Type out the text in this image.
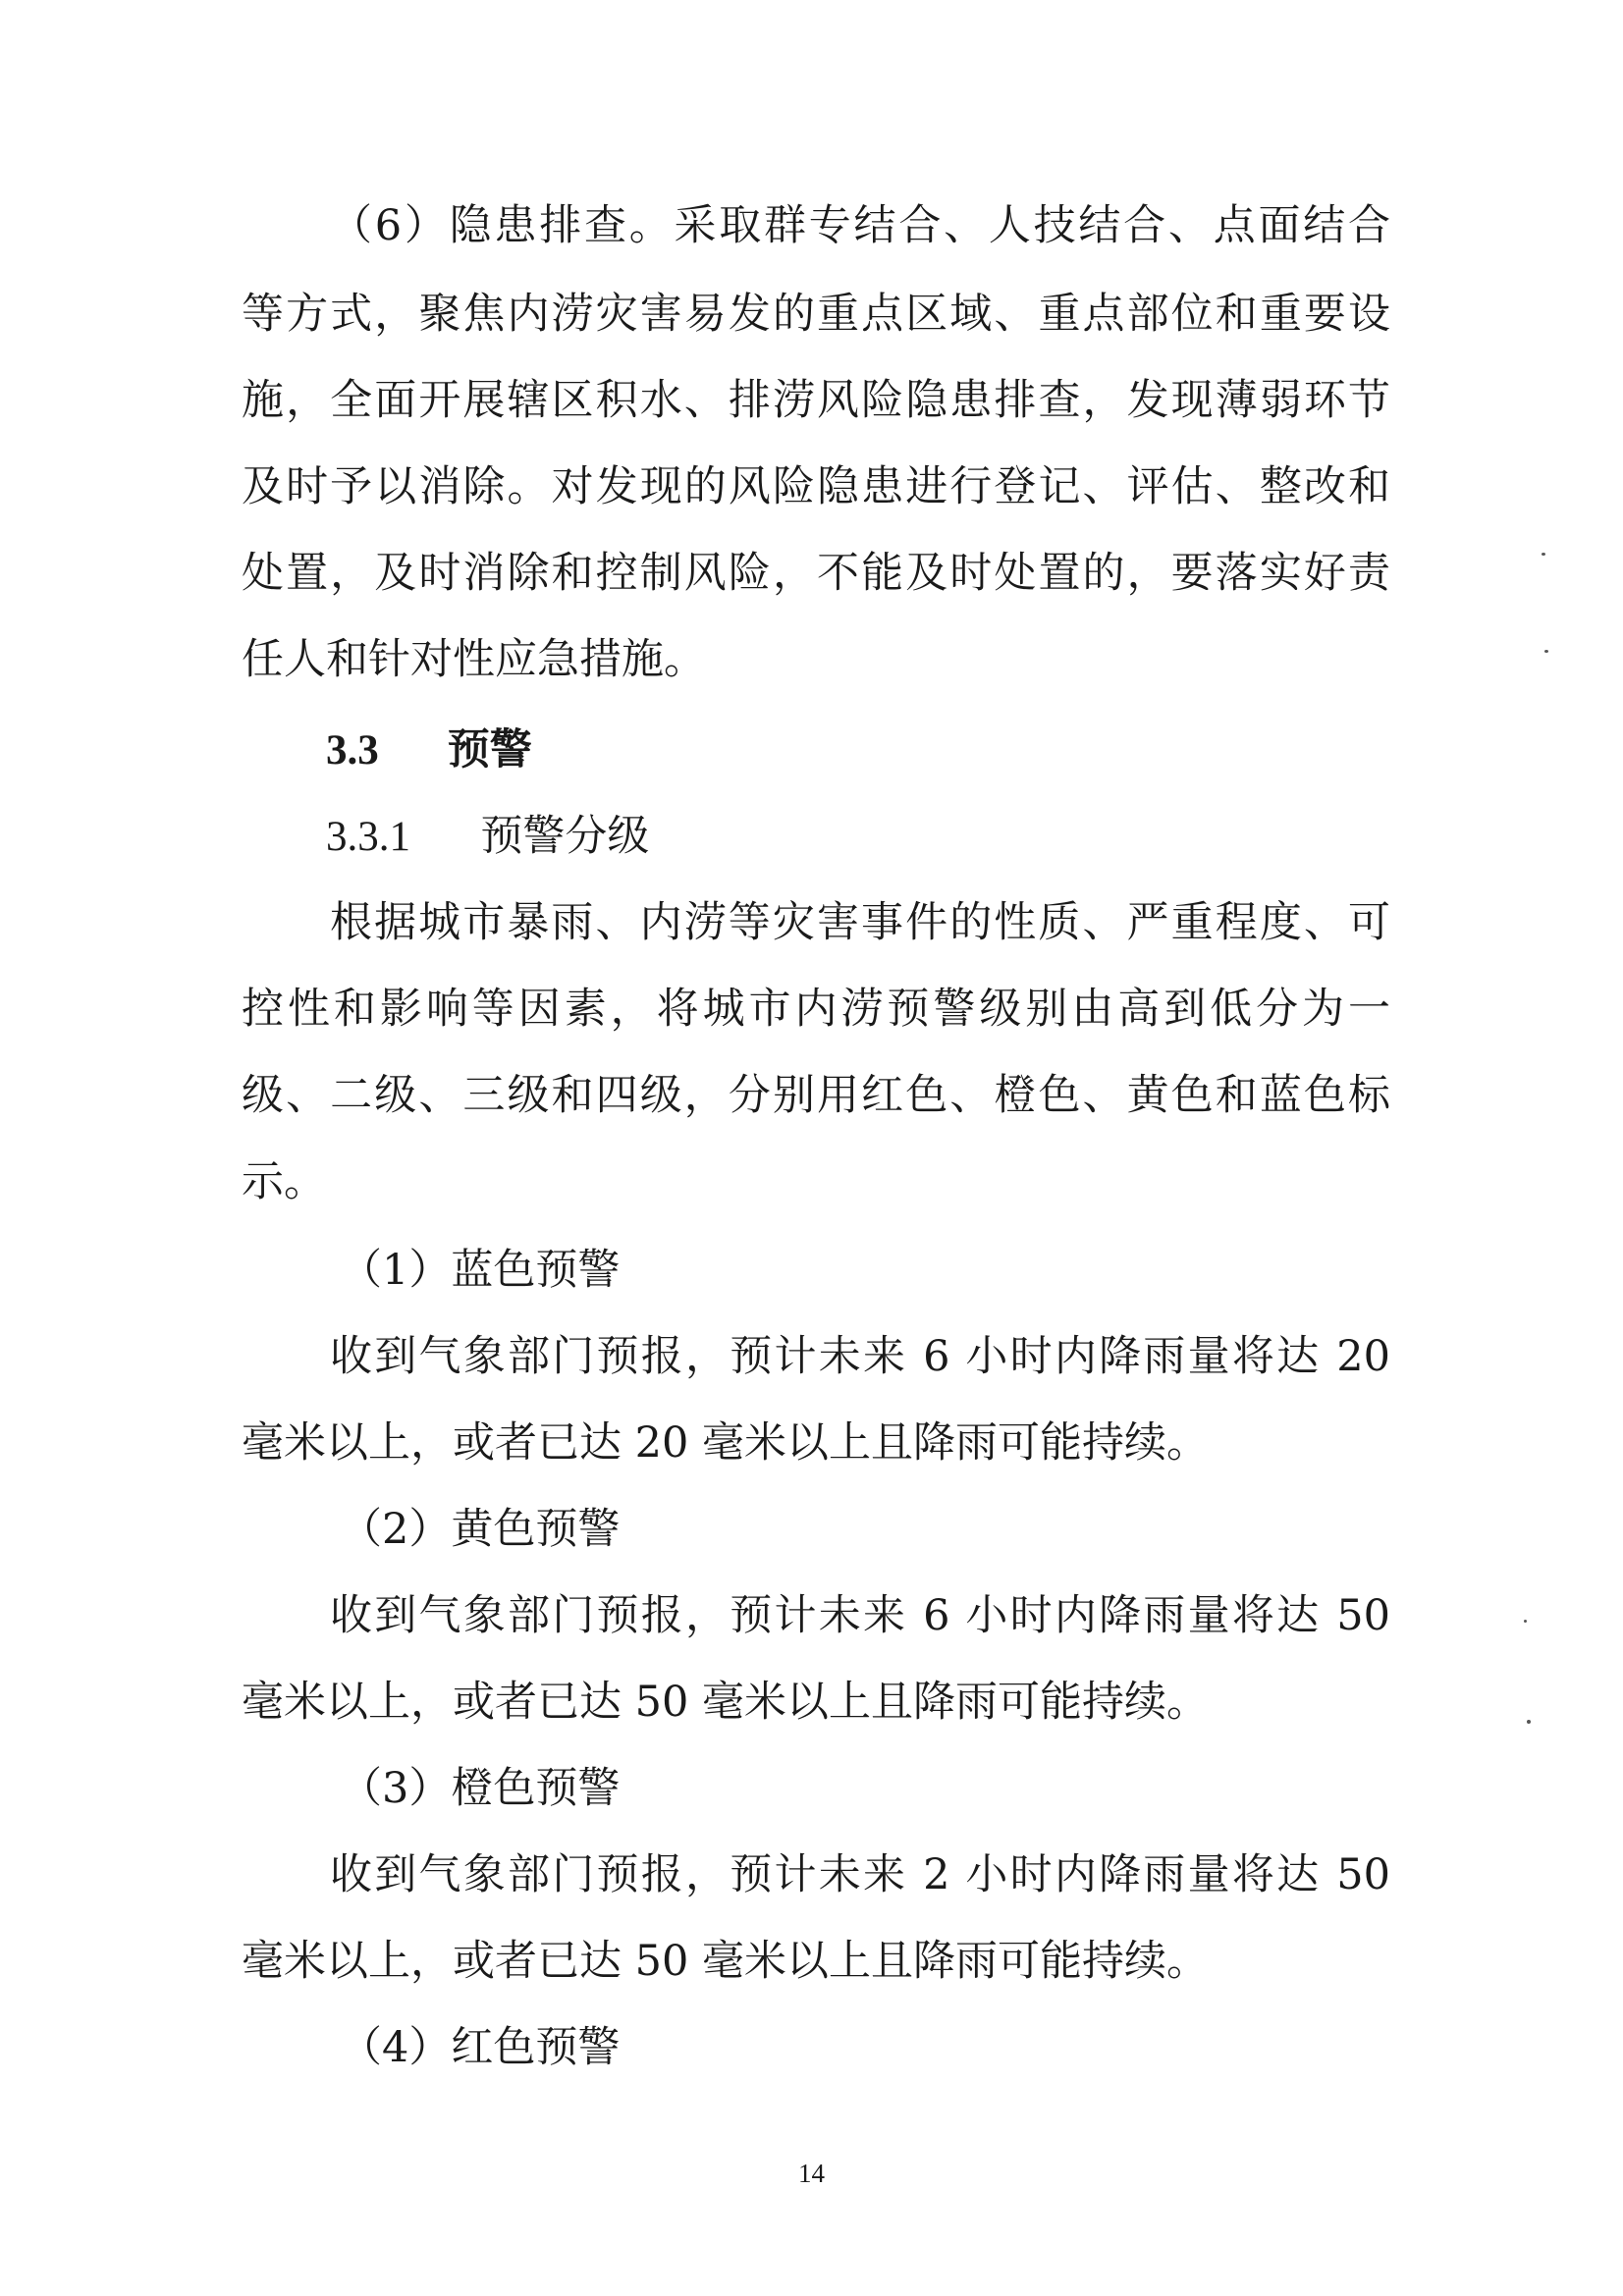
（6）隐患排查。采取群专结合、人技结合、点面结合
等方式，聚焦内涝灾害易发的重点区域、重点部位和重要设
施，全面开展辖区积水、排涝风险隐患排查，发现薄弱环节
及时予以消除。对发现的风险隐患进行登记、评估、整改和
处置，及时消除和控制风险，不能及时处置的，要落实好责
任人和针对性应急措施。
3.3 预警
3.3.1 预警分级
根据城市暴雨、内涝等灾害事件的性质、严重程度、可
控性和影响等因素，将城市内涝预警级别由高到低分为一
级、二级、三级和四级，分别用红色、橙色、黄色和蓝色标
示。
（1）蓝色预警
收到气象部门预报，预计未来 6 小时内降雨量将达 20
毫米以上，或者已达 20 毫米以上且降雨可能持续。
（2）黄色预警
收到气象部门预报，预计未来 6 小时内降雨量将达 50
毫米以上，或者已达 50 毫米以上且降雨可能持续。
（3）橙色预警
收到气象部门预报，预计未来 2 小时内降雨量将达 50
毫米以上，或者已达 50 毫米以上且降雨可能持续。
（4）红色预警
14
